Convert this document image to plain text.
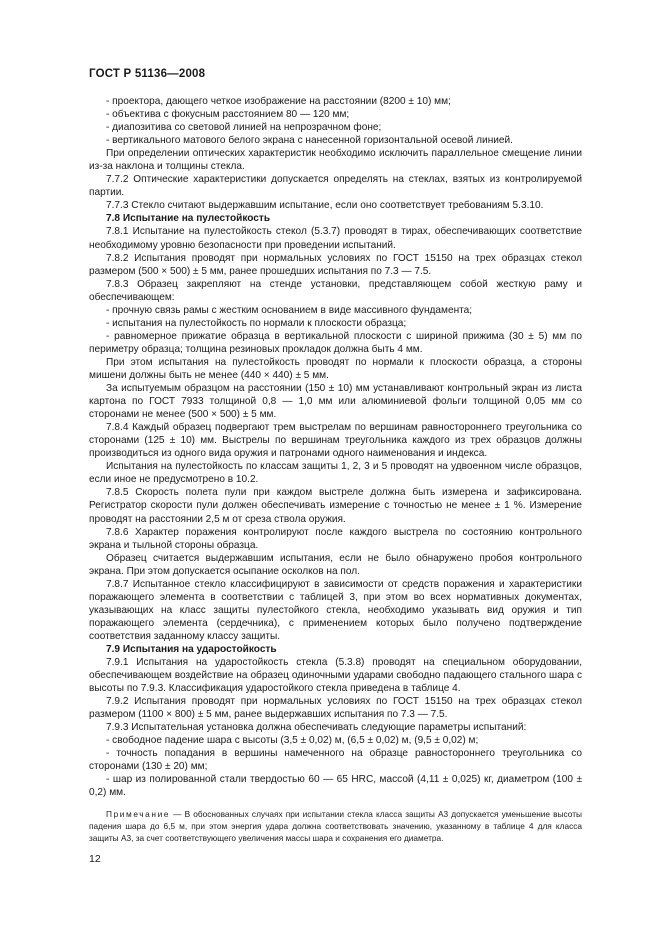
ГОСТ Р 51136—2008

- проектора, дающего четкое изображение на расстоянии (8200 ± 10) мм;

- объектива с фокусным расстоянием 80 — 120 мм;

- диапозитива со световой линией на непрозрачном фоне;

- вертикального матового белого экрана с нанесенной горизонтальной осевой линией.

При определении оптических характеристик необходимо исключить параллельное смещение линии из-за наклона и толщины стекла.

7.7.2 Оптические характеристики допускается определять на стеклах, взятых из контролируемой партии.

7.7.3 Стекло считают выдержавшим испытание, если оно соответствует требованиям 5.3.10.

7.8 Испытание на пулестойкость

7.8.1 Испытание на пулестойкость стекол (5.3.7) проводят в тирах, обеспечивающих соответствие необходимому уровню безопасности при проведении испытаний.

7.8.2 Испытания проводят при нормальных условиях по ГОСТ 15150 на трех образцах стекол размером (500 × 500) ± 5 мм, ранее прошедших испытания по 7.3 — 7.5.

7.8.3 Образец закрепляют на стенде установки, представляющем собой жесткую раму и обеспечивающем:

- прочную связь рамы с жестким основанием в виде массивного фундамента;

- испытания на пулестойкость по нормали к плоскости образца;

- равномерное прижатие образца в вертикальной плоскости с шириной прижима (30 ± 5) мм по периметру образца; толщина резиновых прокладок должна быть 4 мм.

При этом испытания на пулестойкость проводят по нормали к плоскости образца, а стороны мишени должны быть не менее (440 × 440) ± 5 мм.

За испытуемым образцом на расстоянии (150 ± 10) мм устанавливают контрольный экран из листа картона по ГОСТ 7933 толщиной 0,8 — 1,0 мм или алюминиевой фольги толщиной 0,05 мм со сторонами не менее (500 × 500) ± 5 мм.

7.8.4 Каждый образец подвергают трем выстрелам по вершинам равностороннего треугольника со сторонами (125 ± 10) мм. Выстрелы по вершинам треугольника каждого из трех образцов должны производиться из одного вида оружия и патронами одного наименования и индекса.

Испытания на пулестойкость по классам защиты 1, 2, 3 и 5 проводят на удвоенном числе образцов, если иное не предусмотрено в 10.2.

7.8.5 Скорость полета пули при каждом выстреле должна быть измерена и зафиксирована. Регистратор скорости пули должен обеспечивать измерение с точностью не менее ± 1 %. Измерение проводят на расстоянии 2,5 м от среза ствола оружия.

7.8.6 Характер поражения контролируют после каждого выстрела по состоянию контрольного экрана и тыльной стороны образца.

Образец считается выдержавшим испытания, если не было обнаружено пробоя контрольного экрана. При этом допускается осыпание осколков на пол.

7.8.7 Испытанное стекло классифицируют в зависимости от средств поражения и характеристики поражающего элемента в соответствии с таблицей 3, при этом во всех нормативных документах, указывающих на класс защиты пулестойкого стекла, необходимо указывать вид оружия и тип поражающего элемента (сердечника), с применением которых было получено подтверждение соответствия заданному классу защиты.

7.9 Испытания на ударостойкость

7.9.1 Испытания на ударостойкость стекла (5.3.8) проводят на специальном оборудовании, обеспечивающем воздействие на образец одиночными ударами свободно падающего стального шара с высоты по 7.9.3. Классификация ударостойкого стекла приведена в таблице 4.

7.9.2 Испытания проводят при нормальных условиях по ГОСТ 15150 на трех образцах стекол размером (1100 × 800) ± 5 мм, ранее выдержавших испытания по 7.3 — 7.5.

7.9.3 Испытательная установка должна обеспечивать следующие параметры испытаний:

- свободное падение шара с высоты (3,5 ± 0,02) м, (6,5 ± 0,02) м, (9,5 ± 0,02) м;

- точность попадания в вершины намеченного на образце равностороннего треугольника со сторонами (130 ± 20) мм;

- шар из полированной стали твердостью 60 — 65 HRC, массой (4,11 ± 0,025) кг, диаметром (100 ± 0,2) мм.

Примечание — В обоснованных случаях при испытании стекла класса защиты А3 допускается уменьшение высоты падения шара до 6,5 м, при этом энергия удара должна соответствовать значению, указанному в таблице 4 для класса защиты А3, за счет соответствующего увеличения массы шара и сохранения его диаметра.

12
